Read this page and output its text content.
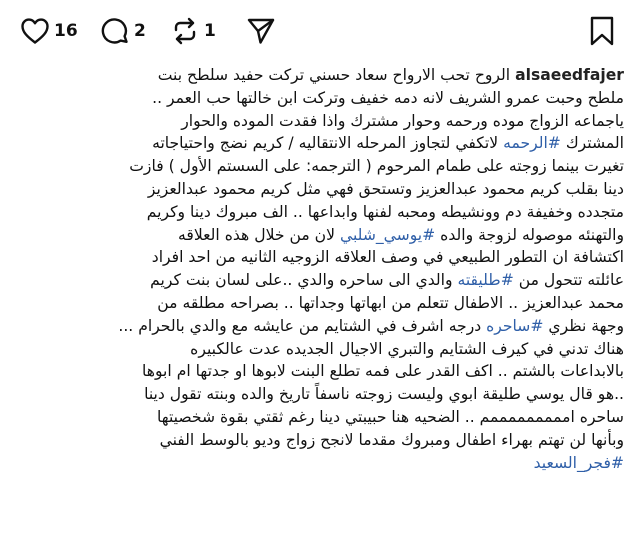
16	2	1
alsaeedfajer الروح تحب الارواح سعاد حسني تركت حفيد سلطح بنت
ملطح وحبت عمرو الشريف لانه دمه خفيف وتركت ابن خالتها حب العمر ..
ياجماعه الزواج موده ورحمه وحوار مشترك واذا فقدت الموده والحوار
المشترك #الرحمه لاتكفي لتجاوز المرحله الانتقاليه / كريم نضج واحتياجاته
تغيرت بينما زوجته على طمام المرحوم ( الترجمه: على السستم الأول ) فازت
دينا بقلب كريم محمود عبدالعزيز وتستحق فهي مثل كريم محمود عبدالعزيز
متجدده وخفيفة دم وونشيطه ومحبه لفنها وابداعها .. الف مبروك دينا وكريم
والتهنئه موصوله لزوجة والده #يوسي_شلبي لان من خلال هذه العلاقه
اكتشافة ان التطور الطبيعي في وصف العلاقه الزوجيه الثانيه من احد افراد
عائلته تتحول من #طليقته والدي الى ساحره والدي ..على لسان بنت كريم
محمد عبدالعزيز .. الاطفال تتعلم من ابهاتها وجداتها .. بصراحه مطلقه من
وجهة نظري #ساحره درجه اشرف في الشتايم من عايشه مع والدي بالحرام ...
هناك تدني في كيرف الشتايم والتبري الاجيال الجديده عدت عالكبيره
بالابداعات بالشتم .. اكف القدر على فمه تطلع البنت لابوها او جدتها ام ابوها
..هو قال يوسي طليقة ابوي وليست زوجته ناسفاً تاريخ والده وبنته تقول دينا
ساحره امممممممممم .. الضحيه هنا حبيبتي دينا رغم ثقتي بقوة شخصيتها
وبأنها لن تهتم بهراء اطفال ومبروك مقدما لانجح زواج وديو بالوسط الفني
#فجر_السعيد
